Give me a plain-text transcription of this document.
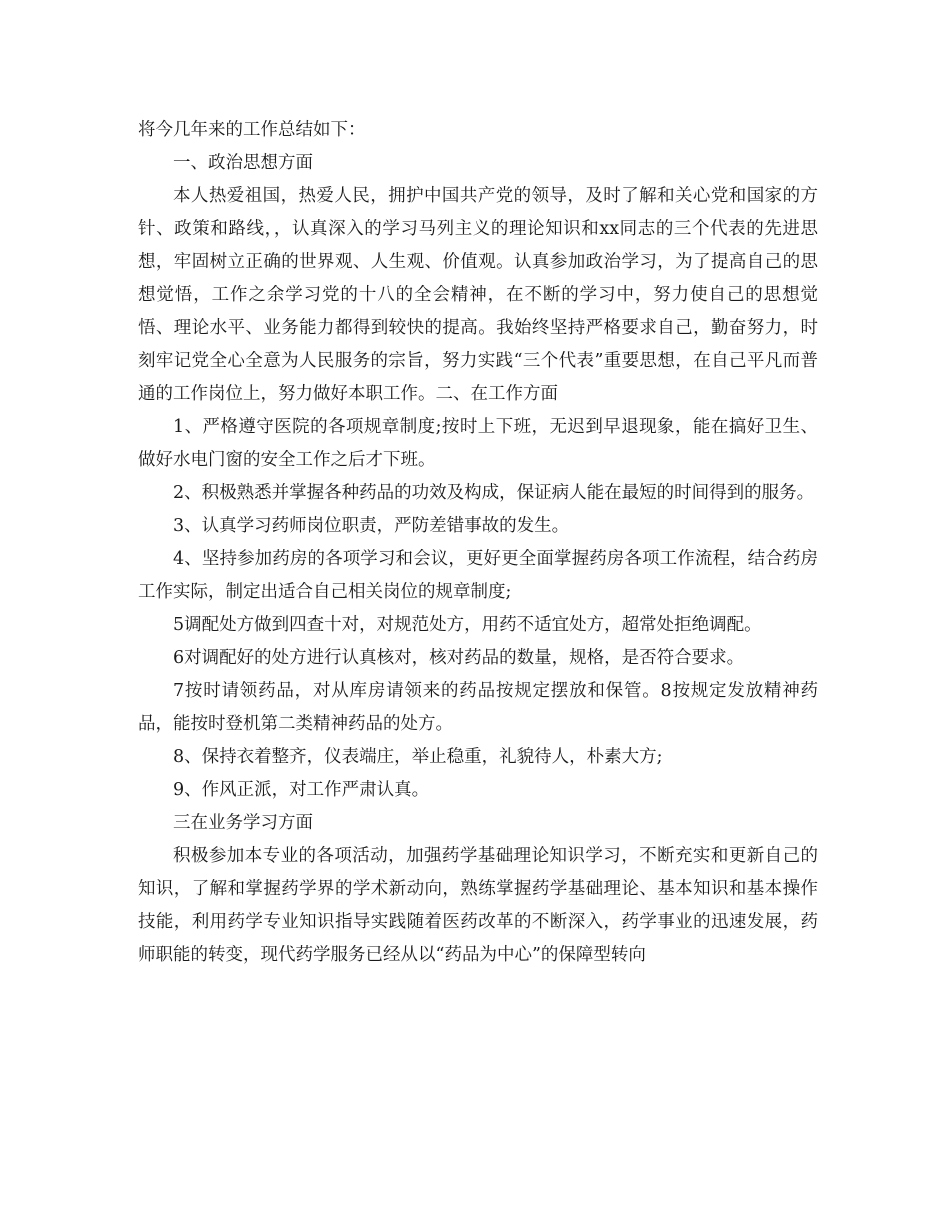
将今几年来的工作总结如下：

一、政治思想方面

本人热爱祖国，热爱人民，拥护中国共产党的领导，及时了解和关心党和国家的方针、政策和路线，，认真深入的学习马列主义的理论知识和xx同志的三个代表的先进思想，牢固树立正确的世界观、人生观、价值观。认真参加政治学习，为了提高自己的思想觉悟，工作之余学习党的十八的全会精神，在不断的学习中，努力使自己的思想觉悟、理论水平、业务能力都得到较快的提高。我始终坚持严格要求自己，勤奋努力，时刻牢记党全心全意为人民服务的宗旨，努力实践“三个代表”重要思想，在自己平凡而普通的工作岗位上，努力做好本职工作。二、在工作方面

1、严格遵守医院的各项规章制度;按时上下班，无迟到早退现象，能在搞好卫生、做好水电门窗的安全工作之后才下班。

2、积极熟悉并掌握各种药品的功效及构成，保证病人能在最短的时间得到的服务。

3、认真学习药师岗位职责，严防差错事故的发生。

4、坚持参加药房的各项学习和会议，更好更全面掌握药房各项工作流程，结合药房工作实际，制定出适合自己相关岗位的规章制度;

5调配处方做到四查十对，对规范处方，用药不适宜处方，超常处拒绝调配。

6对调配好的处方进行认真核对，核对药品的数量，规格，是否符合要求。

7按时请领药品，对从库房请领来的药品按规定摆放和保管。8按规定发放精神药品，能按时登机第二类精神药品的处方。

8、保持衣着整齐，仪表端庄，举止稳重，礼貌待人，朴素大方;

9、作风正派，对工作严肃认真。

三在业务学习方面

积极参加本专业的各项活动，加强药学基础理论知识学习，不断充实和更新自己的知识，了解和掌握药学界的学术新动向，熟练掌握药学基础理论、基本知识和基本操作技能，利用药学专业知识指导实践随着医药改革的不断深入，药学事业的迅速发展，药师职能的转变，现代药学服务已经从以“药品为中心”的保障型转向
